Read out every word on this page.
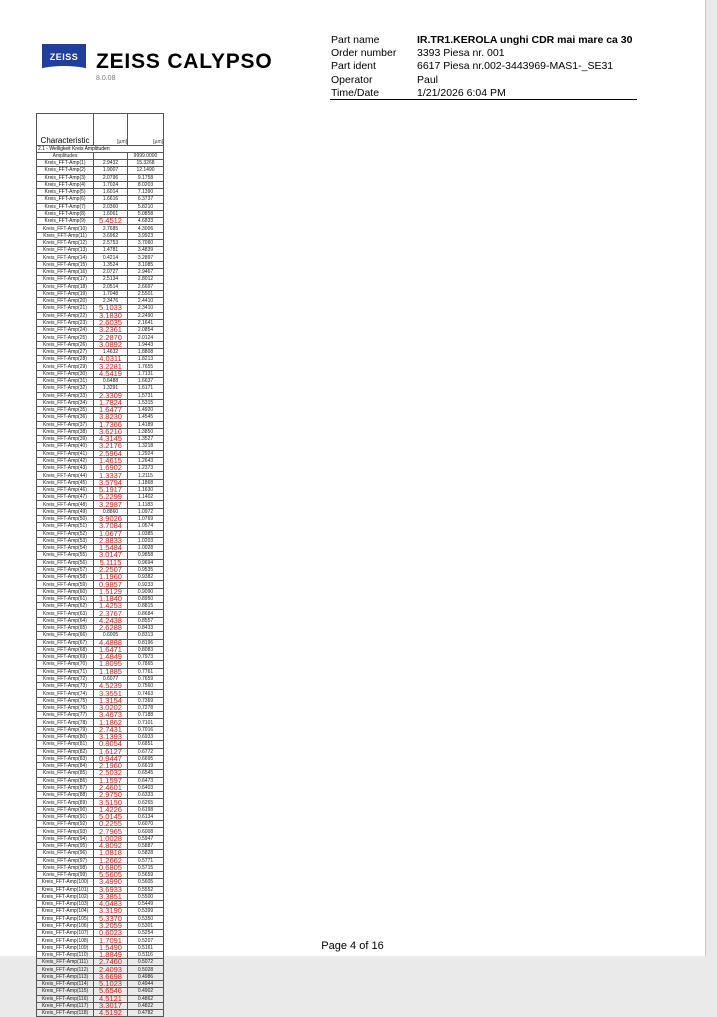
ZEISS ZEISS CALYPSO
8.0.08
Part name	IR.TR1.KEROLA unghi CDR mai mare ca 30
Order number	3393 Piesa nr. 001
Part ident	6617 Piesa nr.002-3443969-MAS1-_SE31
Operator	Paul
Time/Date	1/21/2026 6:04 PM
Characteristic	[µm]	[µm]
2.1 - Welligkeit Kreis Amplituden		
Amplitudes		9999.0000
Kreis_FFT-Amp(1)	2.9432	15.3268
Kreis_FFT-Amp(2)	1.9007	12.1490
Kreis_FFT-Amp(3)	2.0796	9.1758
Kreis_FFT-Amp(4)	1.7024	8.0203
Kreis_FFT-Amp(5)	1.6014	7.1390
Kreis_FFT-Amp(6)	1.6616	6.3737
Kreis_FFT-Amp(7)	2.0360	5.8210
Kreis_FFT-Amp(8)	1.6061	5.0858
Kreis_FFT-Amp(9)	5.4512	4.6833
Kreis_FFT-Amp(10)	2.7685	4.3006
Kreis_FFT-Amp(11)	3.6962	3.9923
Kreis_FFT-Amp(12)	2.5753	3.7060
Kreis_FFT-Amp(13)	1.4781	3.4839
Kreis_FFT-Amp(14)	0.4214	3.2897
Kreis_FFT-Amp(15)	1.3524	3.1085
Kreis_FFT-Amp(16)	2.0727	2.9467
Kreis_FFT-Amp(17)	2.5134	2.8012
Kreis_FFT-Amp(18)	2.0514	2.6697
Kreis_FFT-Amp(19)	1.7048	2.5501
Kreis_FFT-Amp(20)	2.3476	2.4410
Kreis_FFT-Amp(21)	5.1033	2.3410
Kreis_FFT-Amp(22)	3.1830	2.2490
Kreis_FFT-Amp(23)	2.6035	2.1641
Kreis_FFT-Amp(24)	3.2361	2.0854
Kreis_FFT-Amp(25)	2.2870	2.0124
Kreis_FFT-Amp(26)	3.0892	1.9443
Kreis_FFT-Amp(27)	1.4632	1.8808
Kreis_FFT-Amp(28)	4.0311	1.8213
Kreis_FFT-Amp(29)	3.2281	1.7655
Kreis_FFT-Amp(30)	4.5419	1.7131
Kreis_FFT-Amp(31)	0.6488	1.6637
Kreis_FFT-Amp(32)	1.3291	1.6171
Kreis_FFT-Amp(33)	2.3309	1.5731
Kreis_FFT-Amp(34)	1.7824	1.5315
Kreis_FFT-Amp(35)	1.6477	1.4920
Kreis_FFT-Amp(36)	3.8230	1.4545
Kreis_FFT-Amp(37)	1.7366	1.4189
Kreis_FFT-Amp(38)	3.6210	1.3850
Kreis_FFT-Amp(39)	4.3145	1.3527
Kreis_FFT-Amp(40)	3.2176	1.3218
Kreis_FFT-Amp(41)	2.5964	1.2924
Kreis_FFT-Amp(42)	1.4615	1.2643
Kreis_FFT-Amp(43)	1.6902	1.2373
Kreis_FFT-Amp(44)	1.3337	1.2115
Kreis_FFT-Amp(45)	3.5794	1.1868
Kreis_FFT-Amp(46)	5.1917	1.1630
Kreis_FFT-Amp(47)	5.2299	1.1402
Kreis_FFT-Amp(48)	3.2987	1.1183
Kreis_FFT-Amp(49)	0.8860	1.0972
Kreis_FFT-Amp(50)	3.9026	1.0769
Kreis_FFT-Amp(51)	3.7084	1.0574
Kreis_FFT-Amp(52)	1.0677	1.0385
Kreis_FFT-Amp(53)	2.8833	1.0203
Kreis_FFT-Amp(54)	1.5484	1.0028
Kreis_FFT-Amp(55)	3.0147	0.9858
Kreis_FFT-Amp(56)	5.1115	0.9694
Kreis_FFT-Amp(57)	2.2507	0.9535
Kreis_FFT-Amp(58)	1.1960	0.9382
Kreis_FFT-Amp(59)	0.9857	0.9233
Kreis_FFT-Amp(60)	1.5129	0.9090
Kreis_FFT-Amp(61)	1.1840	0.8950
Kreis_FFT-Amp(62)	1.4253	0.8815
Kreis_FFT-Amp(63)	2.3767	0.8684
Kreis_FFT-Amp(64)	4.2438	0.8557
Kreis_FFT-Amp(65)	2.6288	0.8433
Kreis_FFT-Amp(66)	0.6005	0.8313
Kreis_FFT-Amp(67)	4.4888	0.8196
Kreis_FFT-Amp(68)	1.6471	0.8083
Kreis_FFT-Amp(69)	1.4849	0.7973
Kreis_FFT-Amp(70)	1.8095	0.7865
Kreis_FFT-Amp(71)	1.1885	0.7761
Kreis_FFT-Amp(72)	0.6077	0.7659
Kreis_FFT-Amp(73)	4.5239	0.7560
Kreis_FFT-Amp(74)	3.3551	0.7463
Kreis_FFT-Amp(75)	1.3154	0.7369
Kreis_FFT-Amp(76)	3.0202	0.7278
Kreis_FFT-Amp(77)	3.4673	0.7188
Kreis_FFT-Amp(78)	1.1862	0.7101
Kreis_FFT-Amp(79)	2.7431	0.7016
Kreis_FFT-Amp(80)	3.1393	0.6933
Kreis_FFT-Amp(81)	0.8054	0.6851
Kreis_FFT-Amp(82)	1.6127	0.6772
Kreis_FFT-Amp(83)	0.9447	0.6695
Kreis_FFT-Amp(84)	2.1960	0.6619
Kreis_FFT-Amp(85)	2.5032	0.6545
Kreis_FFT-Amp(86)	1.1597	0.6473
Kreis_FFT-Amp(87)	2.4601	0.6403
Kreis_FFT-Amp(88)	2.9750	0.6333
Kreis_FFT-Amp(89)	3.5150	0.6265
Kreis_FFT-Amp(90)	1.4226	0.6198
Kreis_FFT-Amp(91)	5.0145	0.6134
Kreis_FFT-Amp(92)	0.2255	0.6070
Kreis_FFT-Amp(93)	2.7965	0.6008
Kreis_FFT-Amp(94)	1.0028	0.5947
Kreis_FFT-Amp(95)	4.8092	0.5887
Kreis_FFT-Amp(96)	1.0818	0.5828
Kreis_FFT-Amp(97)	1.2662	0.5771
Kreis_FFT-Amp(98)	0.6805	0.5715
Kreis_FFT-Amp(99)	5.5605	0.5659
Kreis_FFT-Amp(100)	3.4990	0.5605
Kreis_FFT-Amp(101)	3.6933	0.5552
Kreis_FFT-Amp(102)	3.3851	0.5500
Kreis_FFT-Amp(103)	4.0483	0.5449
Kreis_FFT-Amp(104)	3.3190	0.5399
Kreis_FFT-Amp(105)	5.3370	0.5350
Kreis_FFT-Amp(106)	3.2059	0.5301
Kreis_FFT-Amp(107)	0.6023	0.5254
Kreis_FFT-Amp(108)	1.7091	0.5207
Kreis_FFT-Amp(109)	1.5490	0.5161
Kreis_FFT-Amp(110)	1.8849	0.5116
Kreis_FFT-Amp(111)	2.7460	0.5072
Kreis_FFT-Amp(112)	2.4093	0.5028
Kreis_FFT-Amp(113)	3.6698	0.4986
Kreis_FFT-Amp(114)	5.1023	0.4944
Kreis_FFT-Amp(115)	5.6546	0.4902
Kreis_FFT-Amp(116)	4.5121	0.4862
Kreis_FFT-Amp(117)	3.3017	0.4822
Kreis_FFT-Amp(118)	4.5192	0.4782
Page 4 of 16
